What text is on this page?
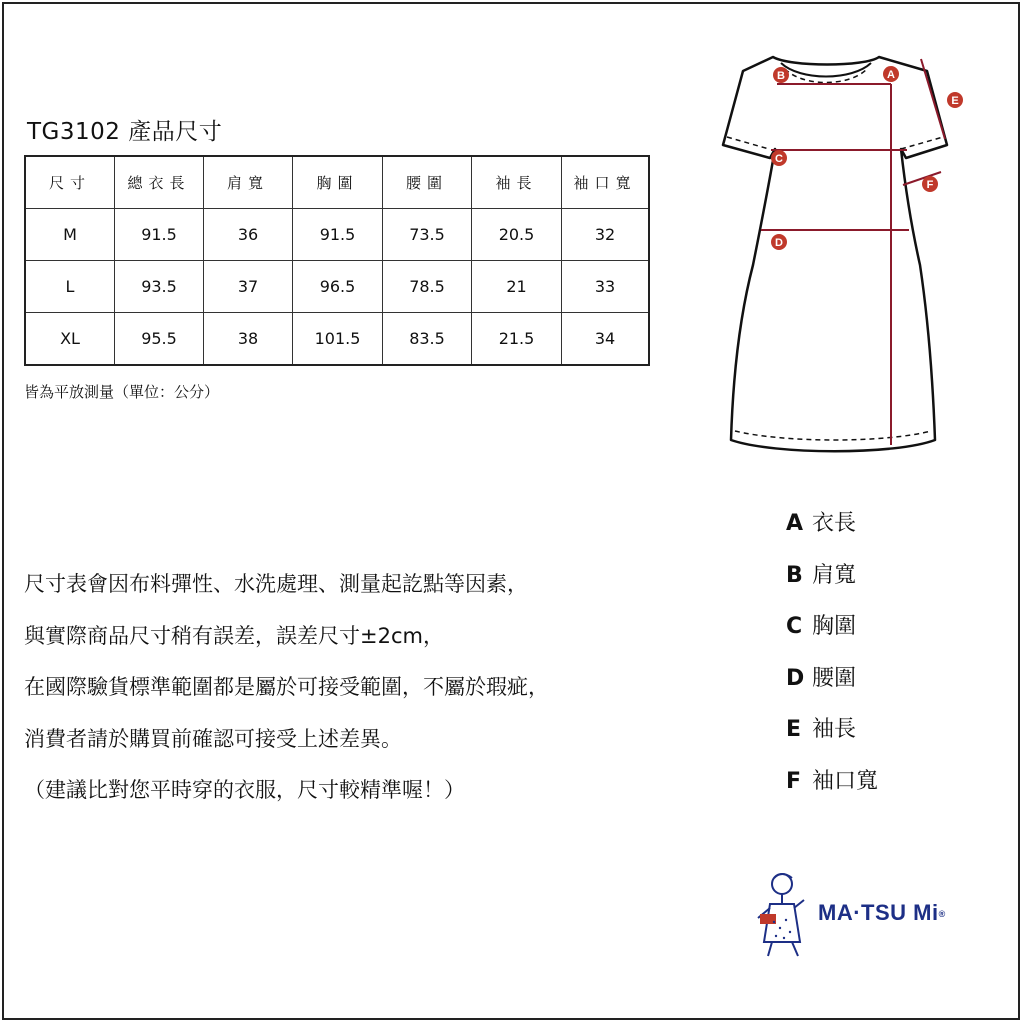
TG3102 產品尺寸
尺寸	總衣長	肩寬	胸圍	腰圍	袖長	袖口寬
M	91.5	36	91.5	73.5	20.5	32
L	93.5	37	96.5	78.5	21	33
XL	95.5	38	101.5	83.5	21.5	34
皆為平放測量（單位：公分）
尺寸表會因布料彈性、水洗處理、測量起訖點等因素，
與實際商品尺寸稍有誤差，誤差尺寸±2cm，
在國際驗貨標準範圍都是屬於可接受範圍，不屬於瑕疵，
消費者請於購買前確認可接受上述差異。
（建議比對您平時穿的衣服，尺寸較精準喔！）
A 衣長
B 肩寬
C 胸圍
D 腰圍
E 袖長
F 袖口寬
A
B
C
D
E
F
MA·TSU Mi®
